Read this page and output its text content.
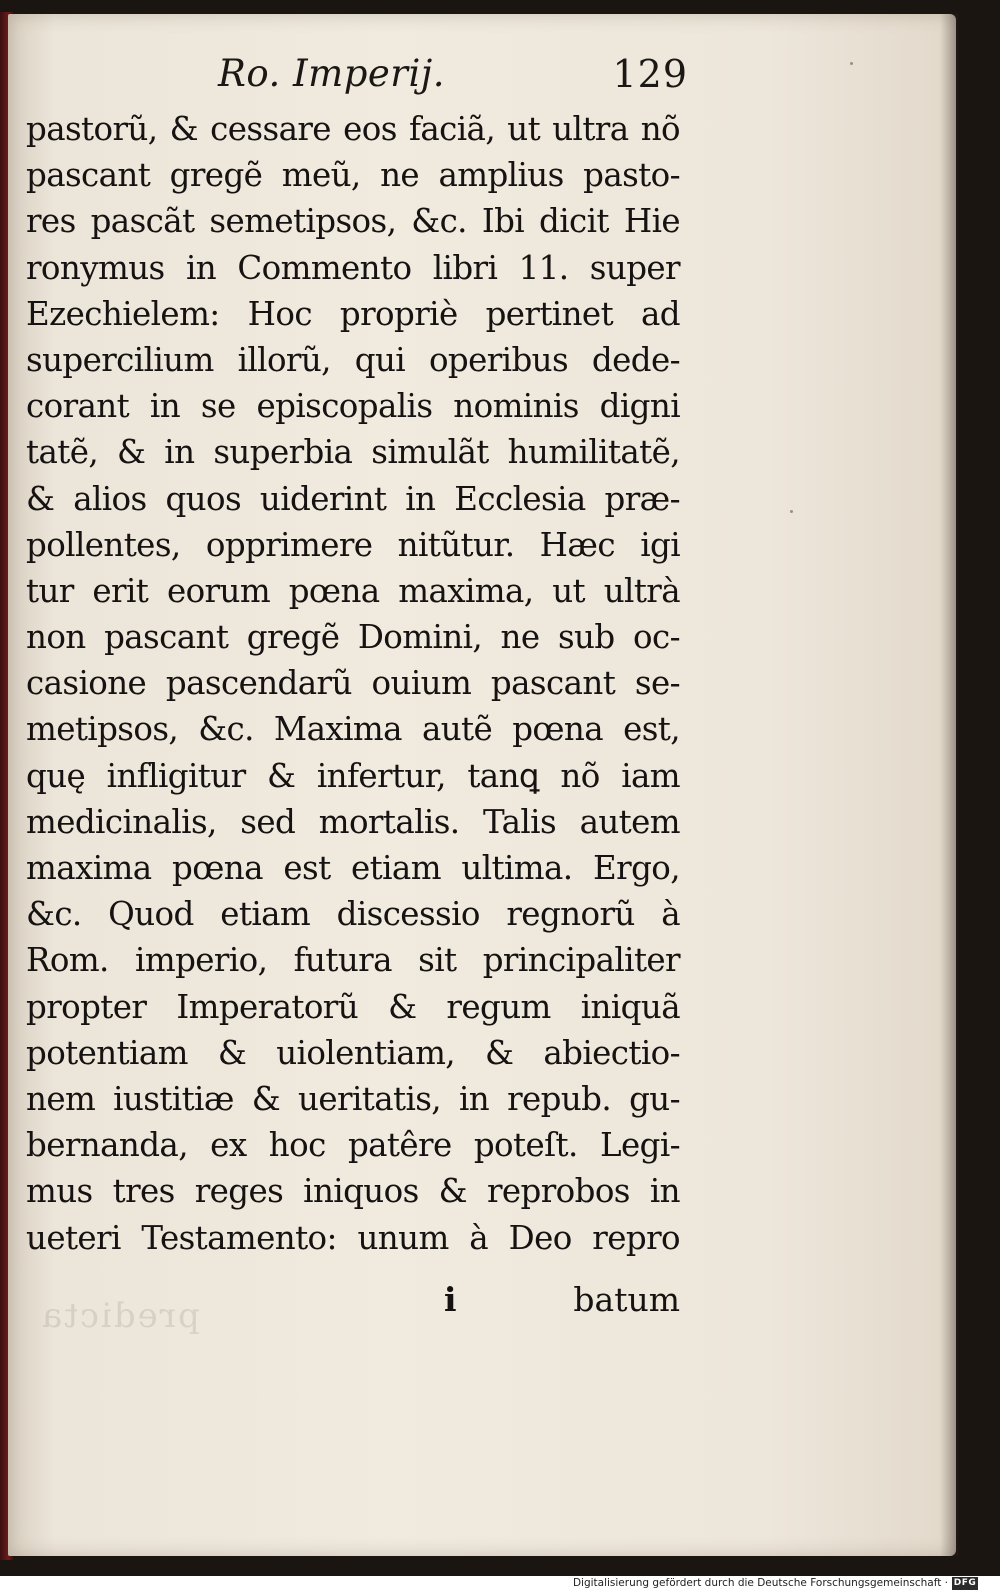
predicta
Ro. Imperij.	129
pastorũ, & cessare eos faciã, ut ultra nõ
pascant gregẽ meũ, ne amplius pasto-
res pascãt semetipsos, &c. Ibi dicit Hie
ronymus in Commento libri 11. super
Ezechielem: Hoc propriè pertinet ad
supercilium illorũ, qui operibus dede-
corant in se episcopalis nominis digni
tatẽ, & in superbia simulãt humilitatẽ,
& alios quos uiderint in Ecclesia præ-
pollentes, opprimere nitũtur. Hæc igi
tur erit eorum pœna maxima, ut ultrà
non pascant gregẽ Domini, ne sub oc-
casione pascendarũ ouium pascant se-
metipsos, &c. Maxima autẽ pœna est,
quę infligitur & infertur, tanꝗ nõ iam
medicinalis, sed mortalis. Talis autem
maxima pœna est etiam ultima. Ergo,
&c. Quod etiam discessio regnorũ à
Rom. imperio, futura sit principaliter
propter Imperatorũ & regum iniquã
potentiam & uiolentiam, & abiectio-
nem iustitiæ & ueritatis, in repub. gu-
bernanda, ex hoc patêre poteſt. Legi-
mus tres reges iniquos & reprobos in
ueteri Testamento: unum à Deo repro
i	batum
Digitalisierung gefördert durch die Deutsche Forschungsgemeinschaft · DFG
